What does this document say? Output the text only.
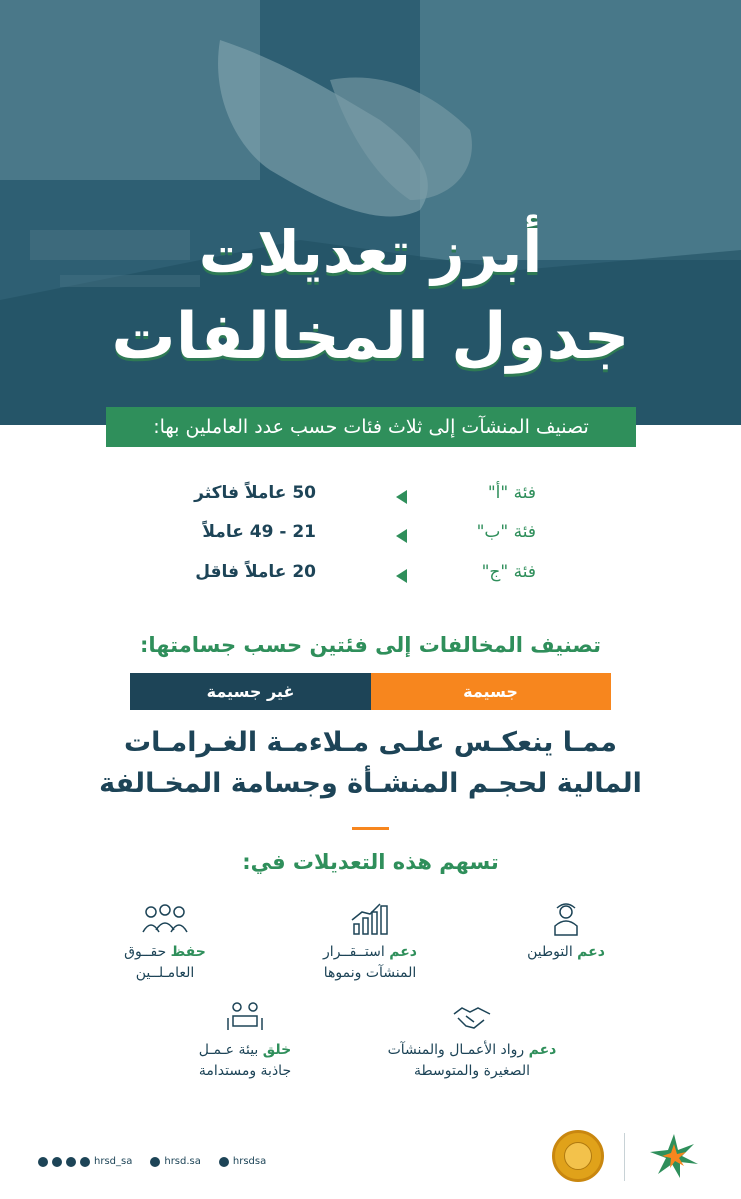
أبرز تعديلات
جدول المخالفات
تصنيف المنشآت إلى ثلاث فئات حسب عدد العاملين بها:
فئة "أ"
50 عاملاً فاكثر
فئة "ب"
21 - 49 عاملاً
فئة "ج"
20 عاملاً فاقل
تصنيف المخالفات إلى فئتين حسب جسامتها:
جسيمة
غير جسيمة
ممـا ينعكـس علـى مـلاءمـة الغـرامـات
المالية لحجـم المنشـأة وجسامة المخـالفة
تسهم هذه التعديلات في:
دعم التوطين
دعم استــقــرار
المنشآت ونموها
حفظ حقــوق
العامـلــين
دعم رواد الأعمـال والمنشآت
الصغيرة والمتوسطة
خلق بيئة عـمـل
جاذبة ومستدامة
hrsd_sa	hrsd.sa	hrsdsa
